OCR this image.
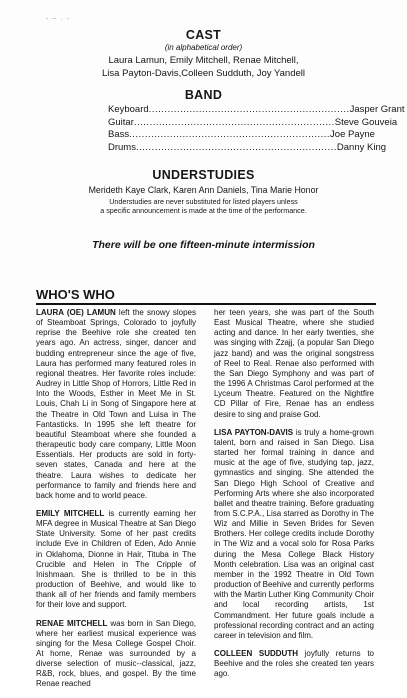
- ~ · -
CAST
(in alphabetical order)
Laura Lamun, Emily Mitchell, Renae Mitchell,
Lisa Payton-Davis,Colleen Sudduth, Joy Yandell
BAND
Keyboard ................................................................ Jasper Grant
Guitar ................................................................ Steve Gouveia
Bass ................................................................ Joe Payne
Drums ................................................................ Danny King
UNDERSTUDIES
Merideth Kaye Clark, Karen Ann Daniels, Tina Marie Honor
Understudies are never substituted for listed players unless
a specific announcement is made at the time of the performance.
There will be one fifteen-minute intermission
WHO'S WHO

LAURA (OE) LAMUN left the snowy slopes of Steamboat Springs, Colorado to joyfully reprise the Beehive role she created ten years ago. An actress, singer, dancer and budding entrepreneur since the age of five, Laura has performed many featured roles in regional theatres. Her favorite roles include: Audrey in Little Shop of Horrors, Little Red in Into the Woods, Esther in Meet Me in St. Louis, Chah Li in Song of Singapore here at the Theatre in Old Town and Luisa in The Fantasticks. In 1995 she left theatre for beautiful Steamboat where she founded a therapeutic body care company, Little Moon Essentials. Her products are sold in forty-seven states, Canada and here at the theatre. Laura wishes to dedicate her performance to family and friends here and back home and to world peace.

EMILY MITCHELL is currently earning her MFA degree in Musical Theatre at San Diego State University. Some of her past credits include Eve in Children of Eden, Ado Annie in Oklahoma, Dionne in Hair, Tituba in The Crucible and Helen in The Cripple of Inishmaan. She is thrilled to be in this production of Beehive, and would like to thank all of her friends and family members for their love and support.

RENAE MITCHELL was born in San Diego, where her earliest musical experience was singing for the Mesa College Gospel Choir. At home, Renae was surrounded by a diverse selection of music--classical, jazz, R&B, rock, blues, and gospel. By the time Renae reached

her teen years, she was part of the South East Musical Theatre, where she studied acting and dance. In her early twenties, she was singing with Zzajj, (a popular San Diego jazz band) and was the original songstress of Reel to Real. Renae also performed with the San Diego Symphony and was part of the 1996 A Christmas Carol performed at the Lyceum Theatre. Featured on the Nightfire CD Pillar of Fire, Renae has an endless desire to sing and praise God.

LISA PAYTON-DAVIS is truly a home-grown talent, born and raised in San Diego. Lisa started her formal training in dance and music at the age of five, studying tap, jazz, gymnastics and singing. She attended the San Diego High School of Creative and Performing Arts where she also incorporated ballet and theatre training. Before graduating from S.C.P.A., Lisa starred as Dorothy in The Wiz and Millie in Seven Brides for Seven Brothers. Her college credits include Dorothy in The Wiz and a vocal solo for Rosa Parks during the Mesa College Black History Month celebration. Lisa was an original cast member in the 1992 Theatre in Old Town production of Beehive and currently performs with the Martin Luther King Community Choir and local recording artists, 1st Commandment. Her future goals include a professional recording contract and an acting career in television and film.

COLLEEN SUDDUTH joyfully returns to Beehive and the roles she created ten years ago.
